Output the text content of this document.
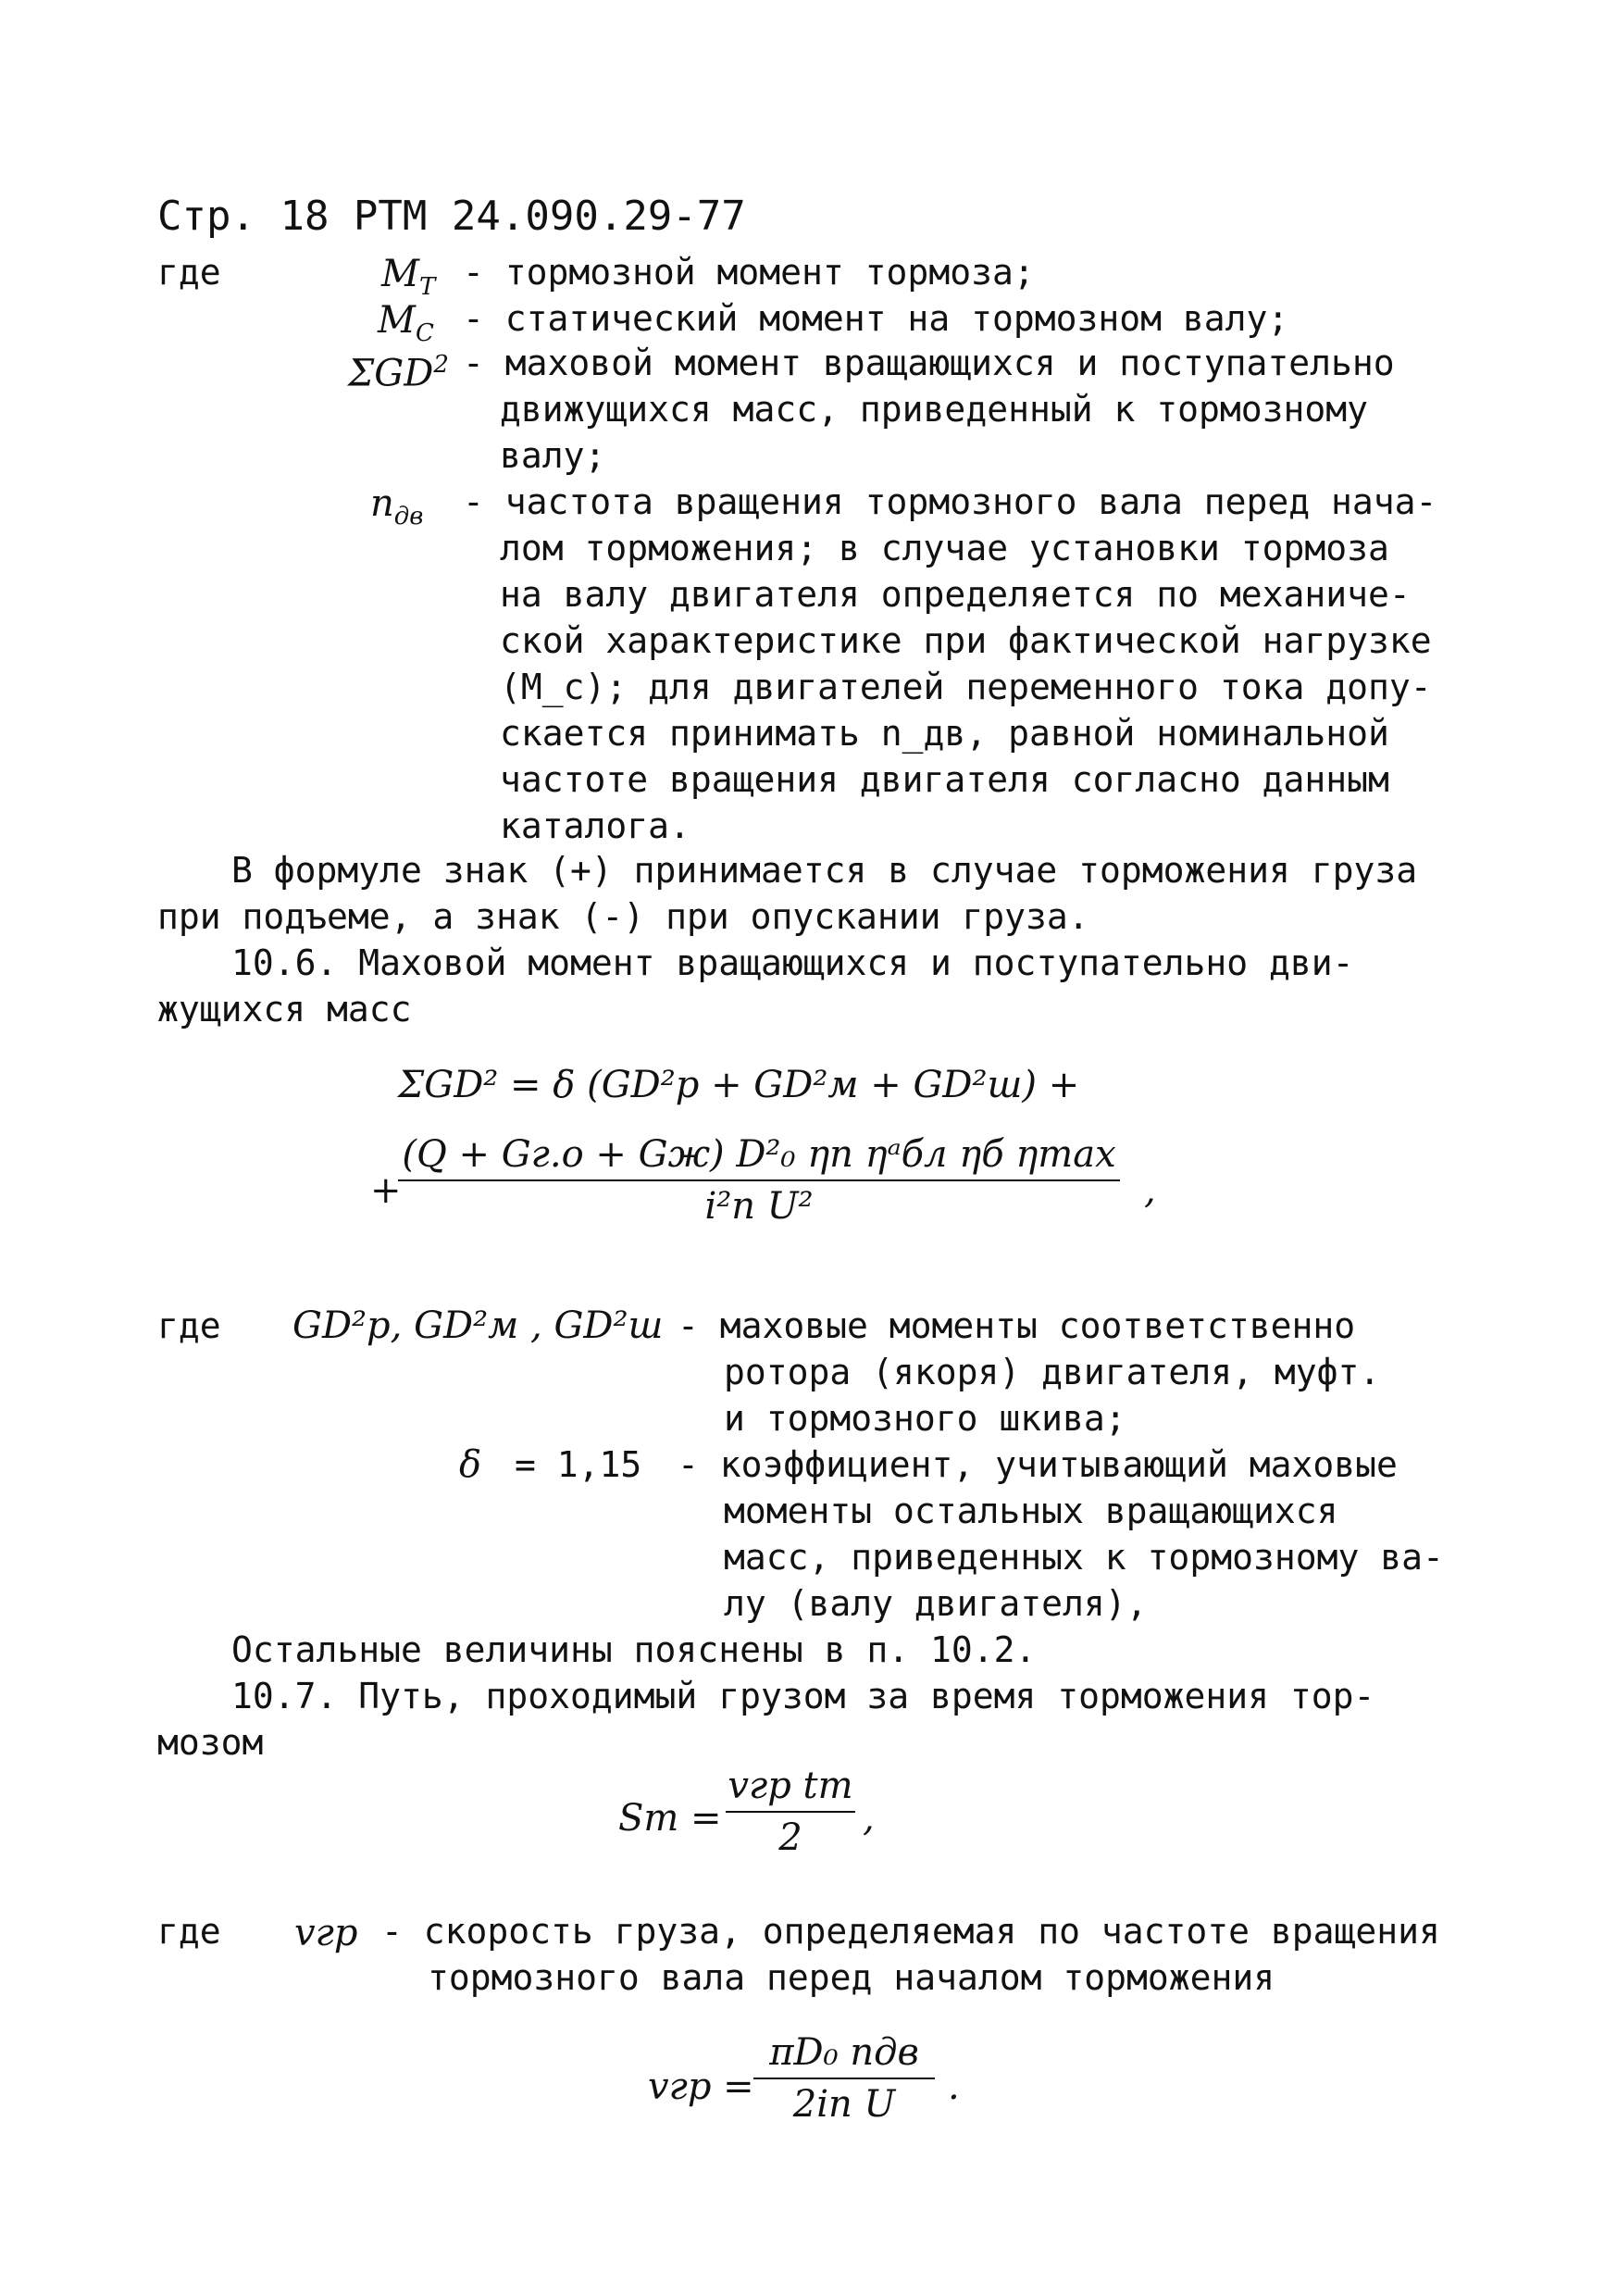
Стр. 18 РТМ 24.090.29-77
где	$M_T$ - тормозной момент тормоза;
$M_C$ - статический момент на тормозном валу;
ΣGD$^2$ - маховой момент вращающихся и поступательно
движущихся масс, приведенный к тормозному
валу;
$n_{дв}$ - частота вращения тормозного вала перед нача-
лом торможения; в случае установки тормоза
на валу двигателя определяется по механиче-
ской характеристике при фактической нагрузке
(M_c); для двигателей переменного тока допу-
скается принимать n_дв, равной номинальной
частоте вращения двигателя согласно данным
каталога.
В формуле знак (+) принимается в случае торможения груза
при подъеме, а знак (-) при опускании груза.
10.6. Маховой момент вращающихся и поступательно дви-
жущихся масс
ΣGD² = δ (GD²р + GD²м + GD²ш) +
+
(Q + Gг.о + Gж) D²₀ ηп ηᵃбл ηб ηmax
i²п U²	,
где GD²р, GD²м , GD²ш - маховые моменты соответственно
ротора (якоря) двигателя, муфт.
и тормозного шкива;
δ = 1,15 - коэффициент, учитывающий маховые
моменты остальных вращающихся
масс, приведенных к тормозному ва-
лу (валу двигателя),
Остальные величины пояснены в п. 10.2.
10.7. Путь, проходимый грузом за время торможения тор-
мозом
Sт =
vгр tт
2	,
где vгр - скорость груза, определяемая по частоте вращения
тормозного вала перед началом торможения
vгр =
πD₀ nдв
2iп U	.
